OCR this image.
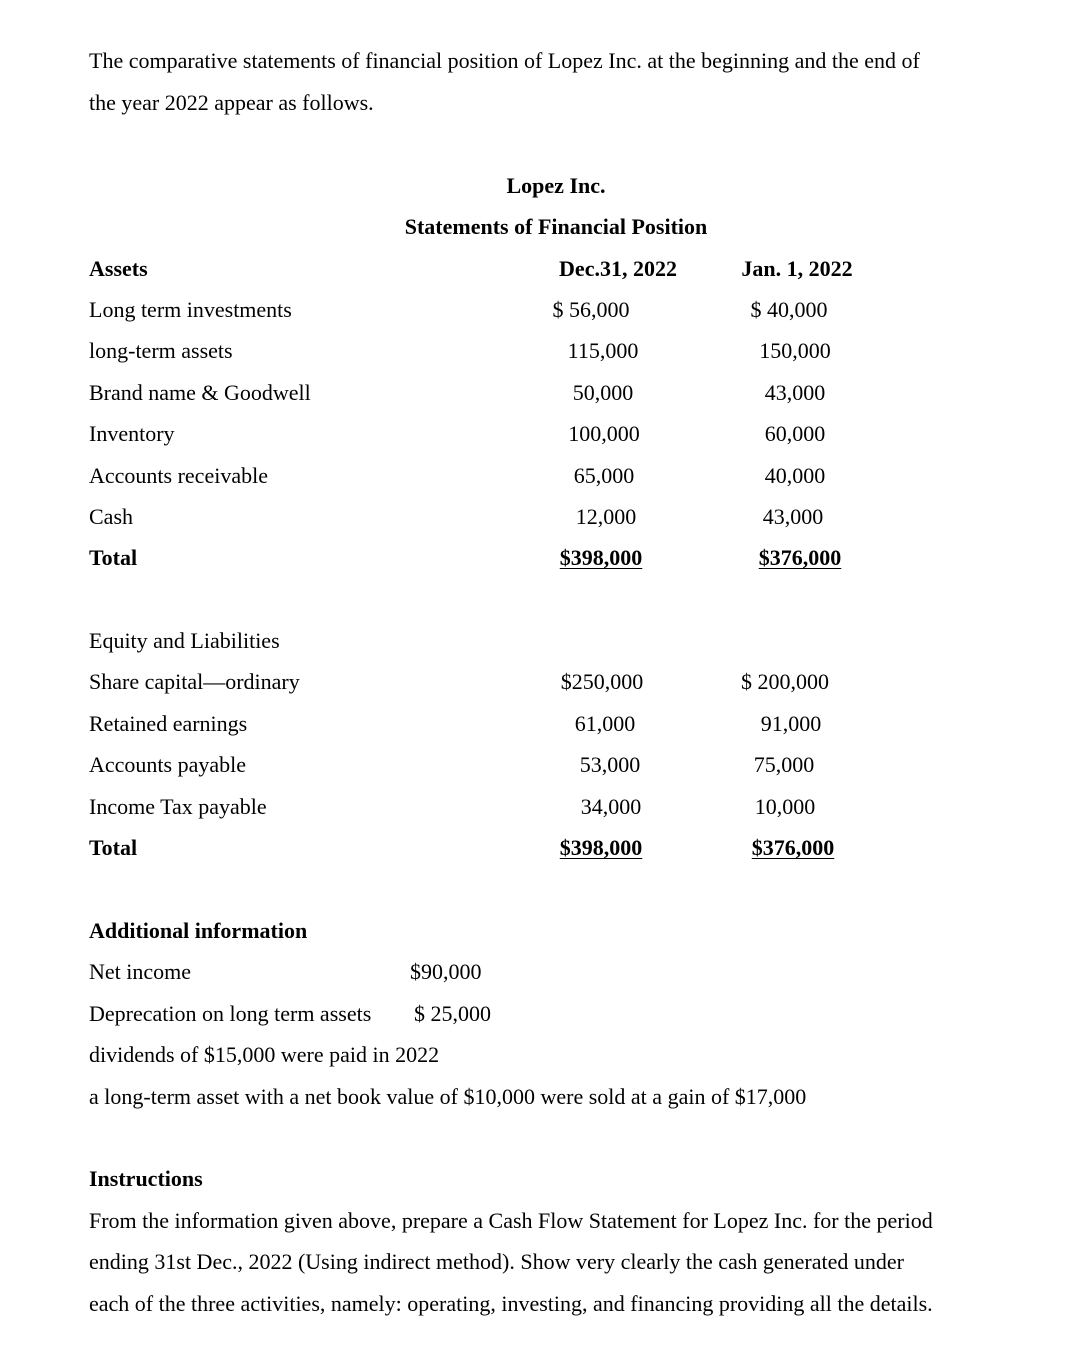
The comparative statements of financial position of Lopez Inc. at the beginning and the end of
the year 2022 appear as follows.
Lopez Inc.
Statements of Financial Position
Assets	Dec.31, 2022	Jan. 1, 2022
Long term investments	$ 56,000	$ 40,000
long-term assets	115,000	150,000
Brand name & Goodwell	50,000	43,000
Inventory	100,000	60,000
Accounts receivable	65,000	40,000
Cash	12,000	43,000
Total	$398,000	$376,000
Equity and Liabilities
Share capital—ordinary	$250,000	$ 200,000
Retained earnings	61,000	91,000
Accounts payable	53,000	75,000
Income Tax payable	34,000	10,000
Total	$398,000	$376,000
Additional information
Net income	$90,000
Deprecation on long term assets $ 25,000
dividends of $15,000 were paid in 2022
a long-term asset with a net book value of $10,000 were sold at a gain of $17,000
Instructions
From the information given above, prepare a Cash Flow Statement for Lopez Inc. for the period
ending 31st Dec., 2022 (Using indirect method). Show very clearly the cash generated under
each of the three activities, namely: operating, investing, and financing providing all the details.
